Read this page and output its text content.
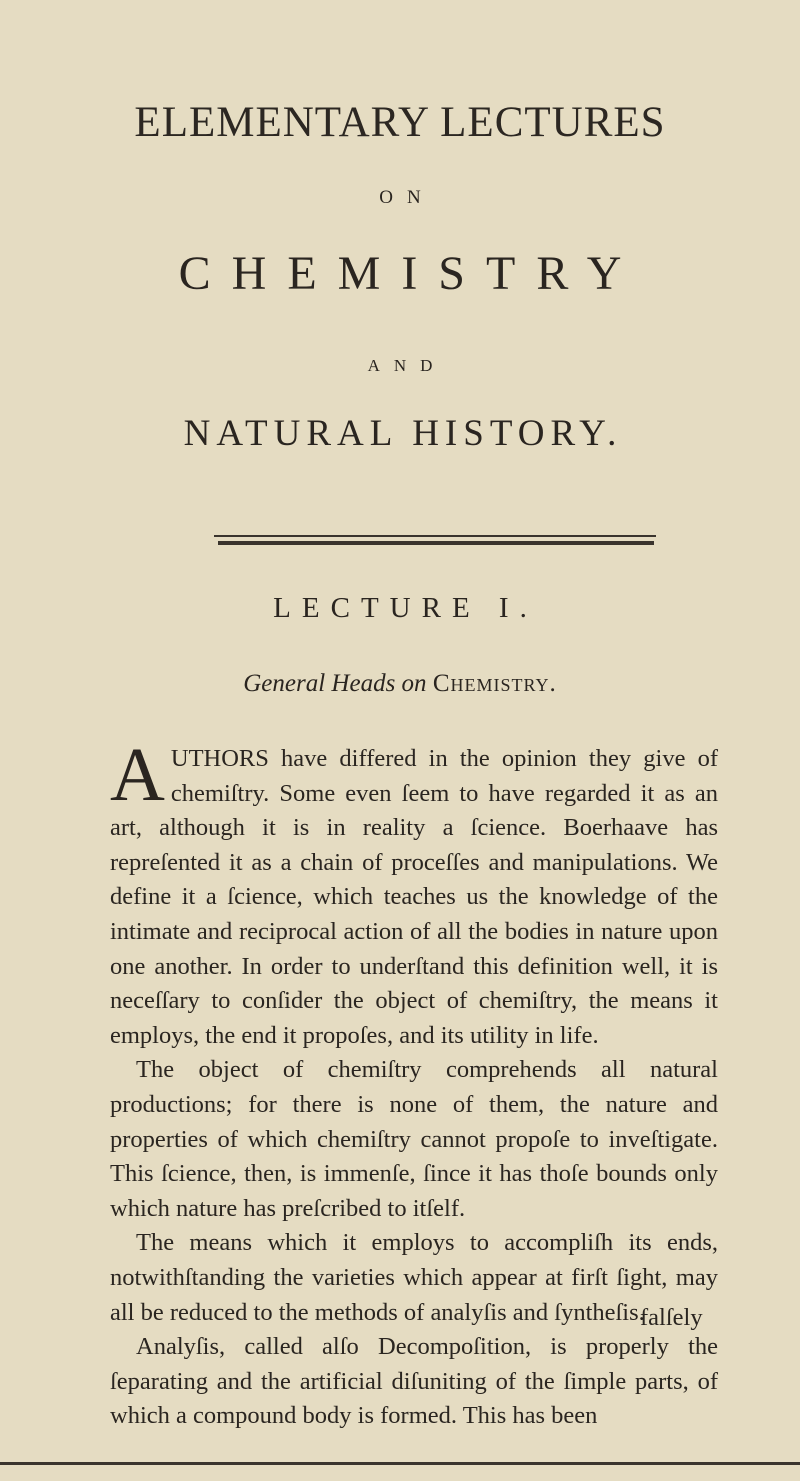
ELEMENTARY LECTURES
ON
CHEMISTRY
AND
NATURAL HISTORY.
LECTURE I.
General Heads on Chemistry.

A UTHORS have differed in the opinion they give of chemiſtry. Some even ſeem to have regarded it as an art, although it is in reality a ſcience. Boerhaave has repreſented it as a chain of proceſſes and manipulations. We define it a ſcience, which teaches us the knowledge of the intimate and reciprocal action of all the bodies in nature upon one another. In order to underſtand this definition well, it is neceſſary to conſider the object of chemiſtry, the means it employs, the end it propoſes, and its utility in life.

The object of chemiſtry comprehends all natural productions; for there is none of them, the nature and properties of which chemiſtry cannot propoſe to inveſtigate. This ſcience, then, is immenſe, ſince it has thoſe bounds only which nature has preſcribed to itſelf.

The means which it employs to accompliſh its ends, notwithſtanding the varieties which appear at firſt ſight, may all be reduced to the methods of analyſis and ſyntheſis.

Analyſis, called alſo Decompoſition, is properly the ſeparating and the artificial diſuniting of the ſimple parts, of which a compound body is formed. This has been

falſely
